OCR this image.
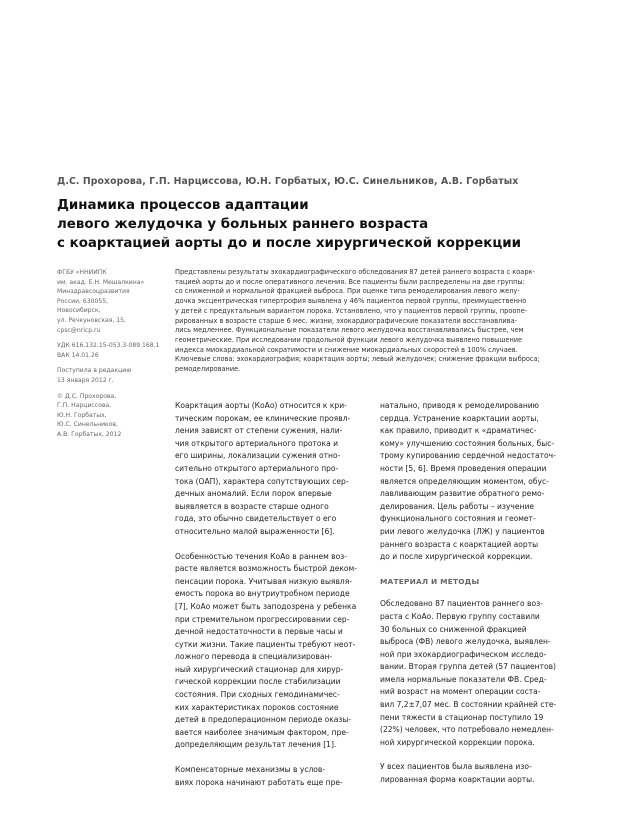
Д.С. Прохорова, Г.П. Нарциссова, Ю.Н. Горбатых, Ю.С. Синельников, А.В. Горбатых
Динамика процессов адаптации
левого желудочка у больных раннего возраста
с коарктацией аорты до и после хирургической коррекции
ФГБУ «ННИИПК
им. акад. Е.Н. Мешалкина»
Минздравсоцразвития
России, 630055,
Новосибирск,
ул. Речкуновская, 15,
cpsc@nricp.ru
УДК 616.132.15-053.3-089.168.1
ВАК 14.01.26
Поступила в редакцию
13 января 2012 г.
© Д.С. Прохорова,
Г.П. Нарциссова,
Ю.Н. Горбатых,
Ю.С. Синельников,
А.В. Горбатых, 2012
Представлены результаты эхокардиографического обследования 87 детей раннего возраста с коарк-
тацией аорты до и после оперативного лечения. Все пациенты были распределены на две группы:
со сниженной и нормальной фракцией выброса. При оценке типа ремоделирования левого желу-
дочка эксцентрическая гипертрофия выявлена у 46% пациентов первой группы, преимущественно
у детей с предуктальным вариантом порока. Установлено, что у пациентов первой группы, проопе-
рированных в возрасте старше 6 мес. жизни, эхокардиографические показатели восстанавлива-
лись медленнее. Функциональные показатели левого желудочка восстанавливались быстрее, чем
геометрические. При исследовании продольной функции левого желудочка выявлено повышение
индекса миокардиальной сократимости и снижение миокардиальных скоростей в 100% случаев.
Ключевые слова: эхокардиография; коарктация аорты; левый желудочек; снижение фракции выброса;
ремоделирование.
Коарктация аорты (КоАо) относится к кри-
тическим порокам, ее клинические проявл-
ления зависят от степени сужения, нали-
чия открытого артериального протока и
его ширины, локализации сужения отно-
сительно открытого артериального про-
тока (ОАП), характера сопутствующих сер-
дечных аномалий. Если порок впервые
выявляется в возрасте старше одного
года, это обычно свидетельствует о его
относительно малой выраженности [6].
Особенностью течения КоАо в раннем воз-
расте является возможность быстрой деком-
пенсации порока. Учитывая низкую выявля-
емость порока во внутриутробном периоде
[7], КоАо может быть заподозрена у ребенка
при стремительном прогрессировании сер-
дечной недостаточности в первые часы и
сутки жизни. Такие пациенты требуют неот-
ложного перевода в специализирован-
ный хирургический стационар для хирур-
гической коррекции после стабилизации
состояния. При сходных гемодинамичес-
ких характеристиках пороков состояние
детей в предоперационном периоде оказы-
вается наиболее значимым фактором, пре-
допределяющим результат лечения [1].
Компенсаторные механизмы в услов-
виях порока начинают работать еще пре-
натально, приводя к ремоделированию
сердца. Устранение коарктации аорты,
как правило, приводит к «драматичес-
кому» улучшению состояния больных, быс-
трому купированию сердечной недостаточ-
ности [5, 6]. Время проведения операции
является определяющим моментом, обус-
лавливающим развитие обратного ремо-
делирования. Цель работы – изучение
функционального состояния и геомет-
рии левого желудочка (ЛЖ) у пациентов
раннего возраста с коарктацией аорты
до и после хирургической коррекции.
МАТЕРИАЛ И МЕТОДЫ
Обследовано 87 пациентов раннего воз-
раста с КоАо. Первую группу составили
30 больных со сниженной фракцией
выброса (ФВ) левого желудочка, выявлен-
ной при эхокардиографическом исследо-
вании. Вторая группа детей (57 пациентов)
имела нормальные показатели ФВ. Сред-
ний возраст на момент операции соста-
вил 7,2±7,07 мес. В состоянии крайней сте-
пени тяжести в стационар поступило 19
(22%) человек, что потребовало немедлен-
ной хирургической коррекции порока.
У всех пациентов была выявлена изо-
лированная форма коарктации аорты.
